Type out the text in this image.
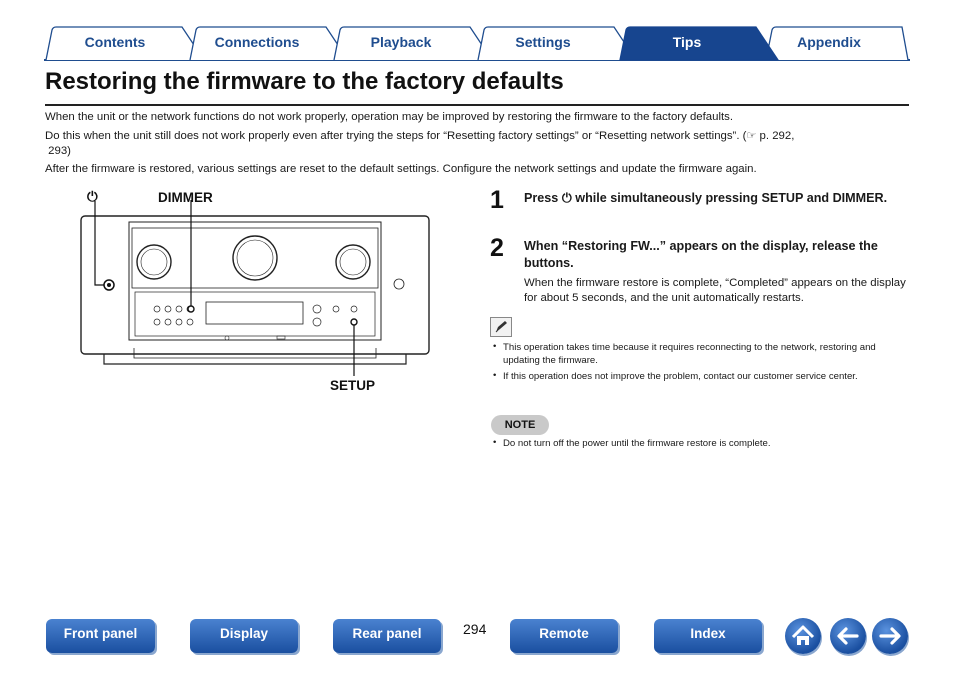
Contents	Connections	Playback	Settings	Tips	Appendix
Restoring the firmware to the factory defaults
When the unit or the network functions do not work properly, operation may be improved by restoring the firmware to the factory defaults.
Do this when the unit still does not work properly even after trying the steps for “Resetting factory settings” or “Resetting network settings”. (☞ p. 292,
293)
After the firmware is restored, various settings are reset to the default settings. Configure the network settings and update the firmware again.
⏻	DIMMER
SETUP
1 Press ⏻ while simultaneously pressing SETUP and DIMMER.
2 When “Restoring FW...” appears on the display, release the buttons.
When the firmware restore is complete, “Completed” appears on the display for about 5 seconds, and the unit automatically restarts.
• This operation takes time because it requires reconnecting to the network, restoring and updating the firmware.
• If this operation does not improve the problem, contact our customer service center.
NOTE
• Do not turn off the power until the firmware restore is complete.
Front panel	Display	Rear panel	294	Remote	Index
